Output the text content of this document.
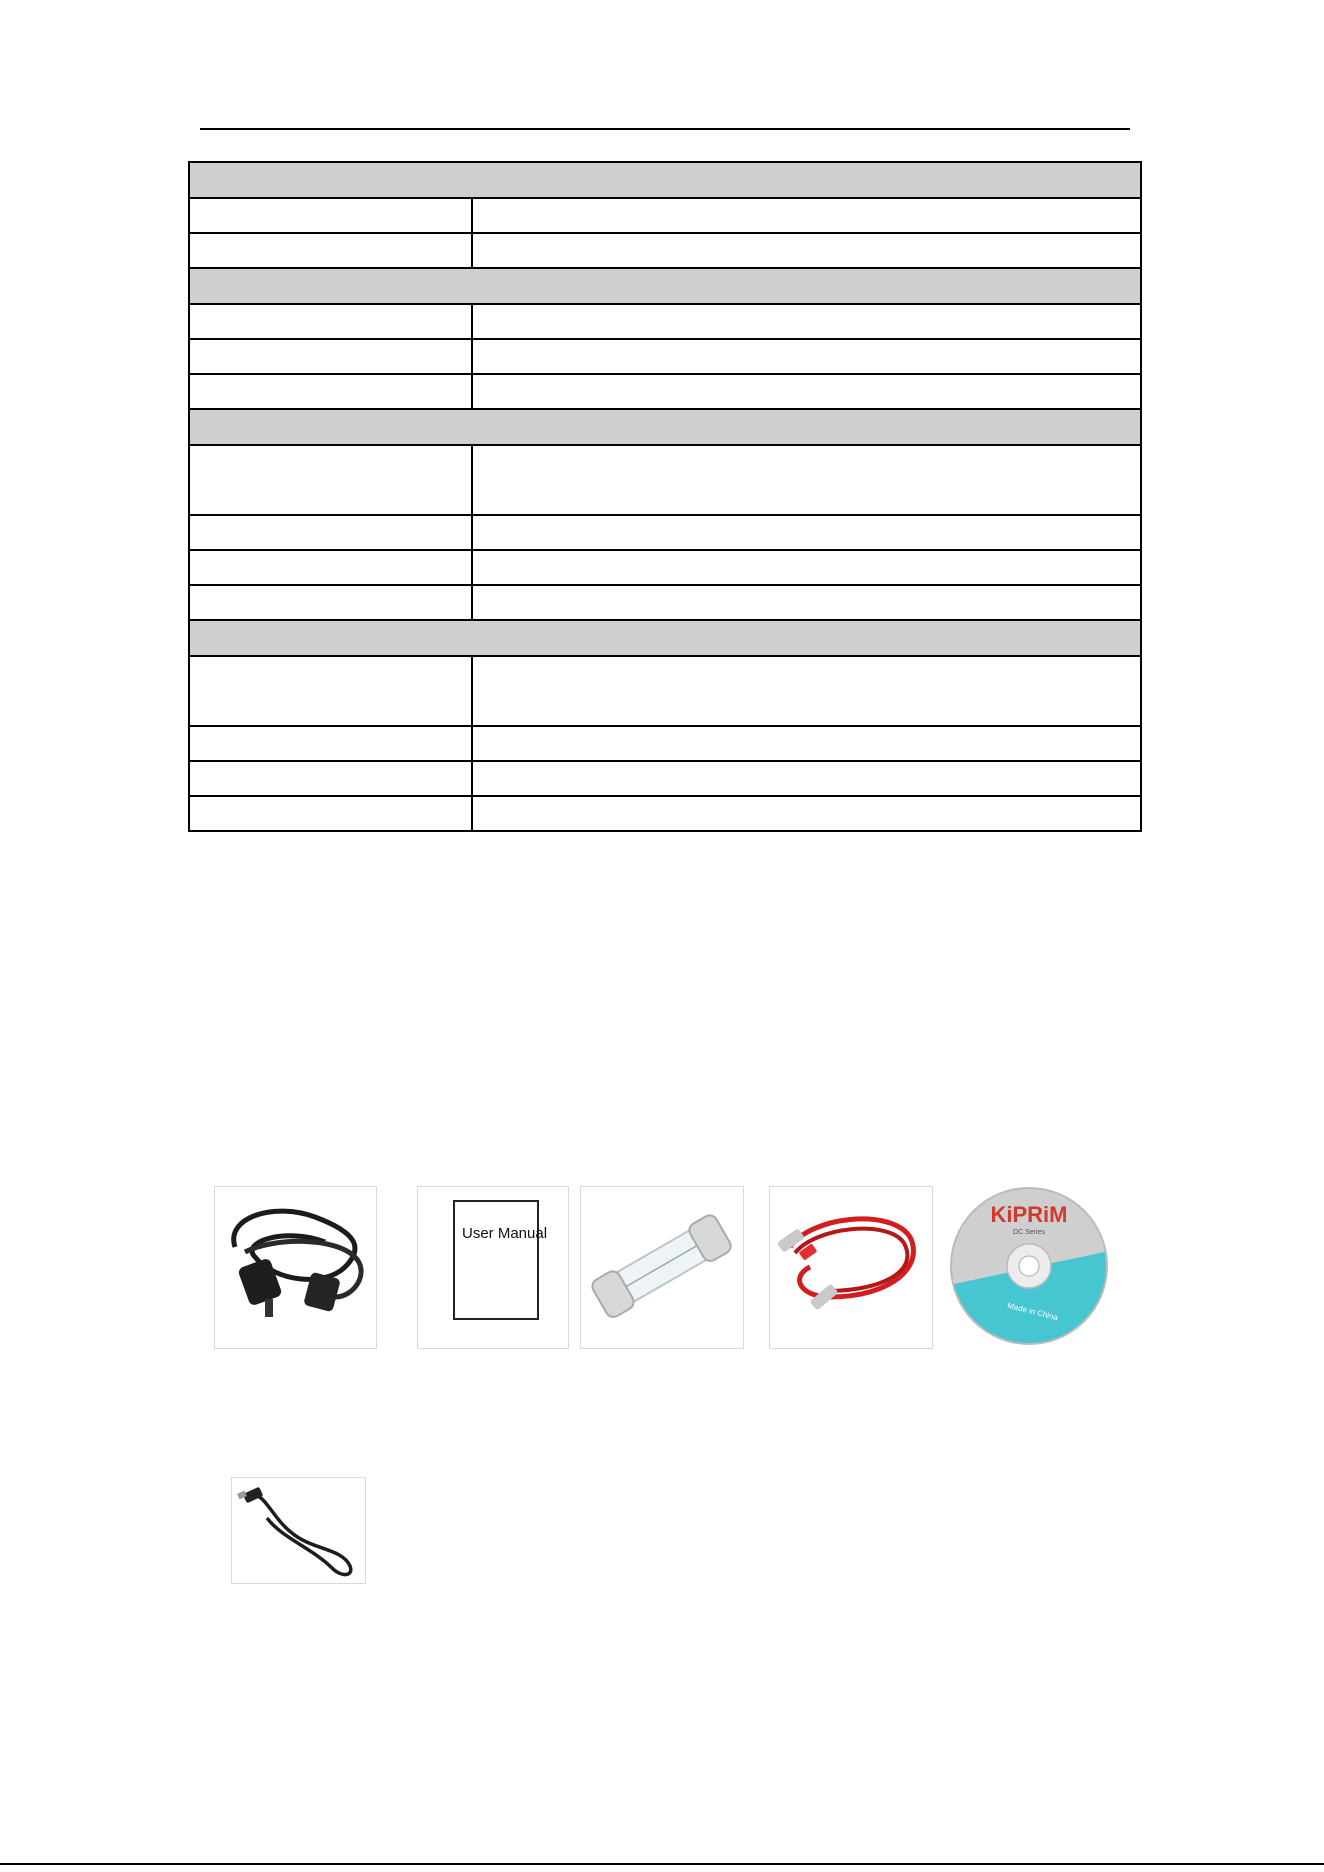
User Manual
KiPRiM
DC Series
Made in China
